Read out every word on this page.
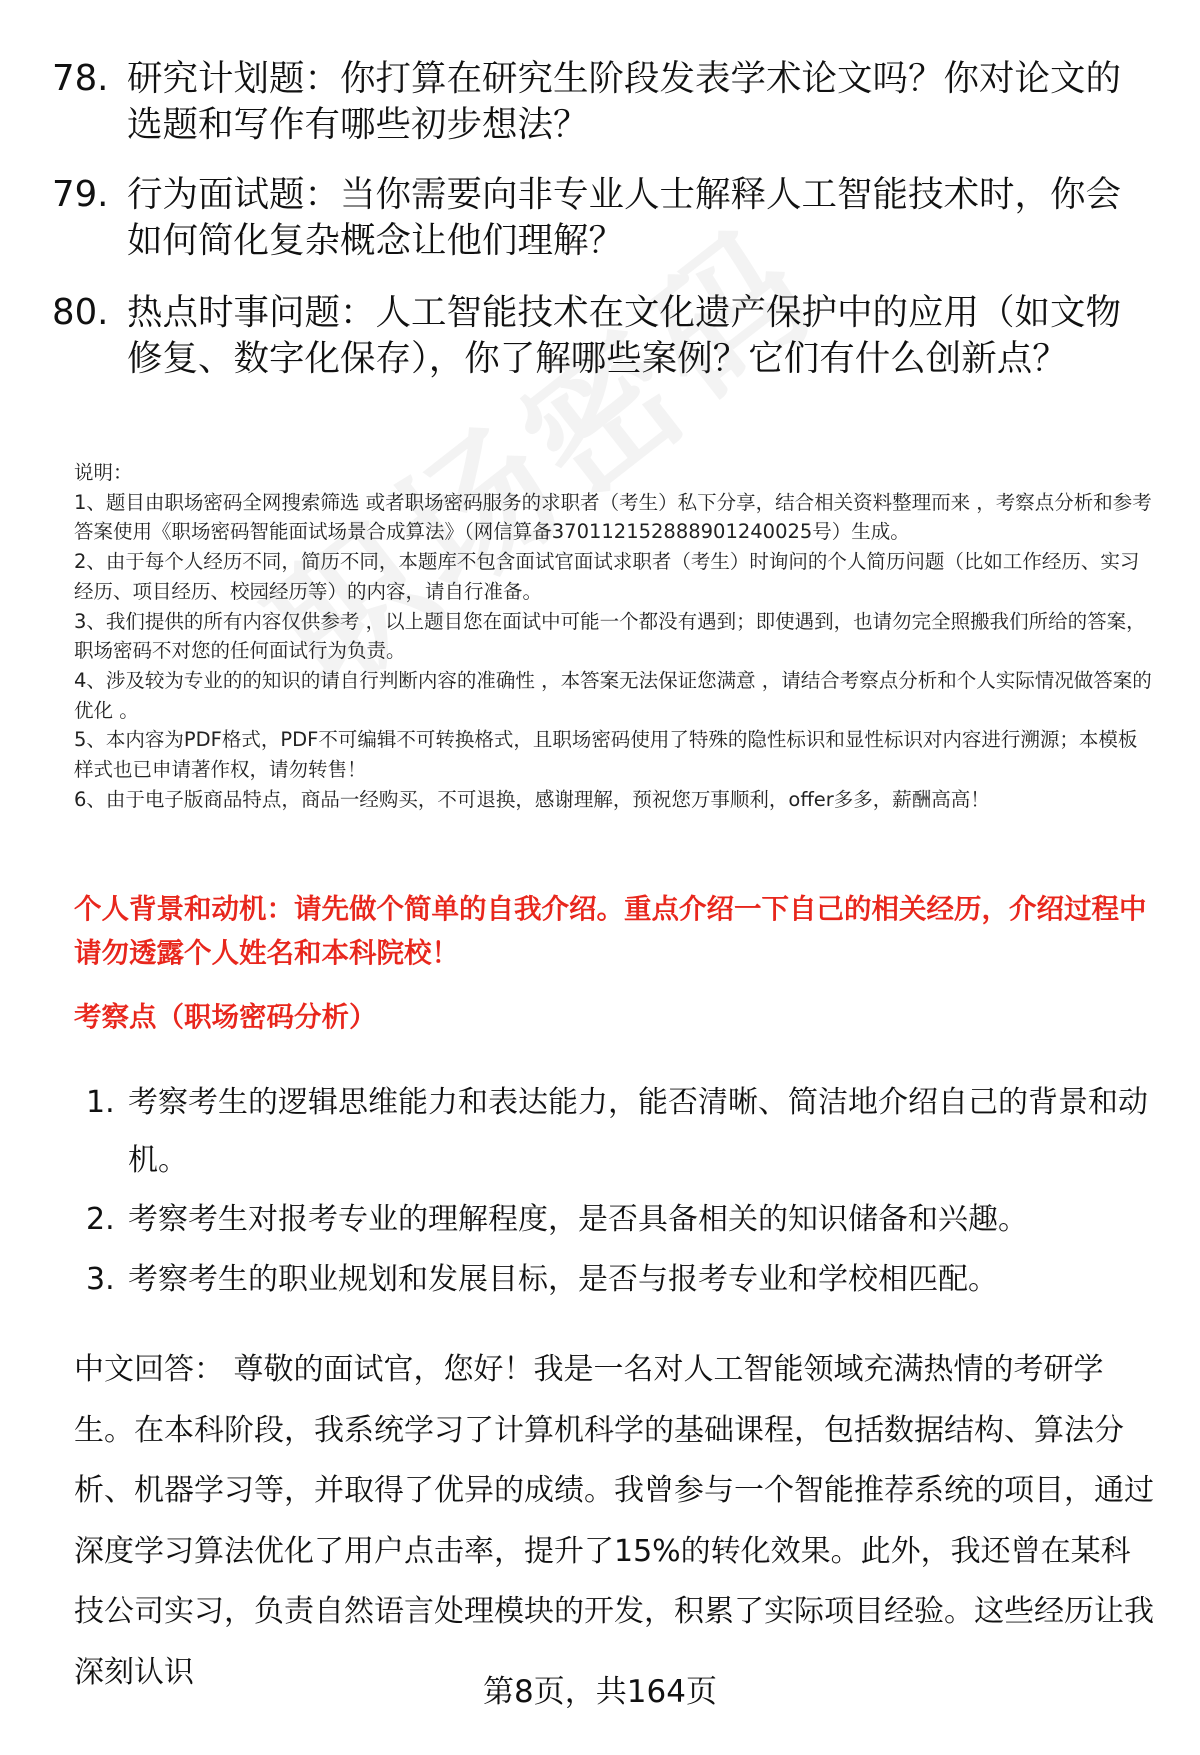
78. 研究计划题：你打算在研究生阶段发表学术论文吗？你对论文的选题和写作有哪些初步想法？
79. 行为面试题：当你需要向非专业人士解释人工智能技术时，你会如何简化复杂概念让他们理解？
80. 热点时事问题：人工智能技术在文化遗产保护中的应用（如文物修复、数字化保存），你了解哪些案例？它们有什么创新点？
说明：
1、题目由职场密码全网搜索筛选 或者职场密码服务的求职者（考生）私下分享，结合相关资料整理而来 ，考察点分析和参考答案使用《职场密码智能面试场景合成算法》（网信算备370112152888901240025号）生成。
2、由于每个人经历不同，简历不同，本题库不包含面试官面试求职者（考生）时询问的个人简历问题（比如工作经历、实习经历、项目经历、校园经历等）的内容，请自行准备。
3、我们提供的所有内容仅供参考 ，以上题目您在面试中可能一个都没有遇到；即使遇到，也请勿完全照搬我们所给的答案，职场密码不对您的任何面试行为负责。
4、涉及较为专业的的知识的请自行判断内容的准确性 ，本答案无法保证您满意 ，请结合考察点分析和个人实际情况做答案的优化 。
5、本内容为PDF格式，PDF不可编辑不可转换格式，且职场密码使用了特殊的隐性标识和显性标识对内容进行溯源；本模板样式也已申请著作权，请勿转售！
6、由于电子版商品特点，商品一经购买，不可退换，感谢理解，预祝您万事顺利，offer多多，薪酬高高！
个人背景和动机：请先做个简单的自我介绍。重点介绍一下自己的相关经历，介绍过程中请勿透露个人姓名和本科院校！
考察点（职场密码分析）
1. 考察考生的逻辑思维能力和表达能力，能否清晰、简洁地介绍自己的背景和动机。
2. 考察考生对报考专业的理解程度，是否具备相关的知识储备和兴趣。
3. 考察考生的职业规划和发展目标，是否与报考专业和学校相匹配。
中文回答： 尊敬的面试官，您好！我是一名对人工智能领域充满热情的考研学生。在本科阶段，我系统学习了计算机科学的基础课程，包括数据结构、算法分析、机器学习等，并取得了优异的成绩。我曾参与一个智能推荐系统的项目，通过深度学习算法优化了用户点击率，提升了15%的转化效果。此外，我还曾在某科技公司实习，负责自然语言处理模块的开发，积累了实际项目经验。这些经历让我深刻认识
第8页，共164页
